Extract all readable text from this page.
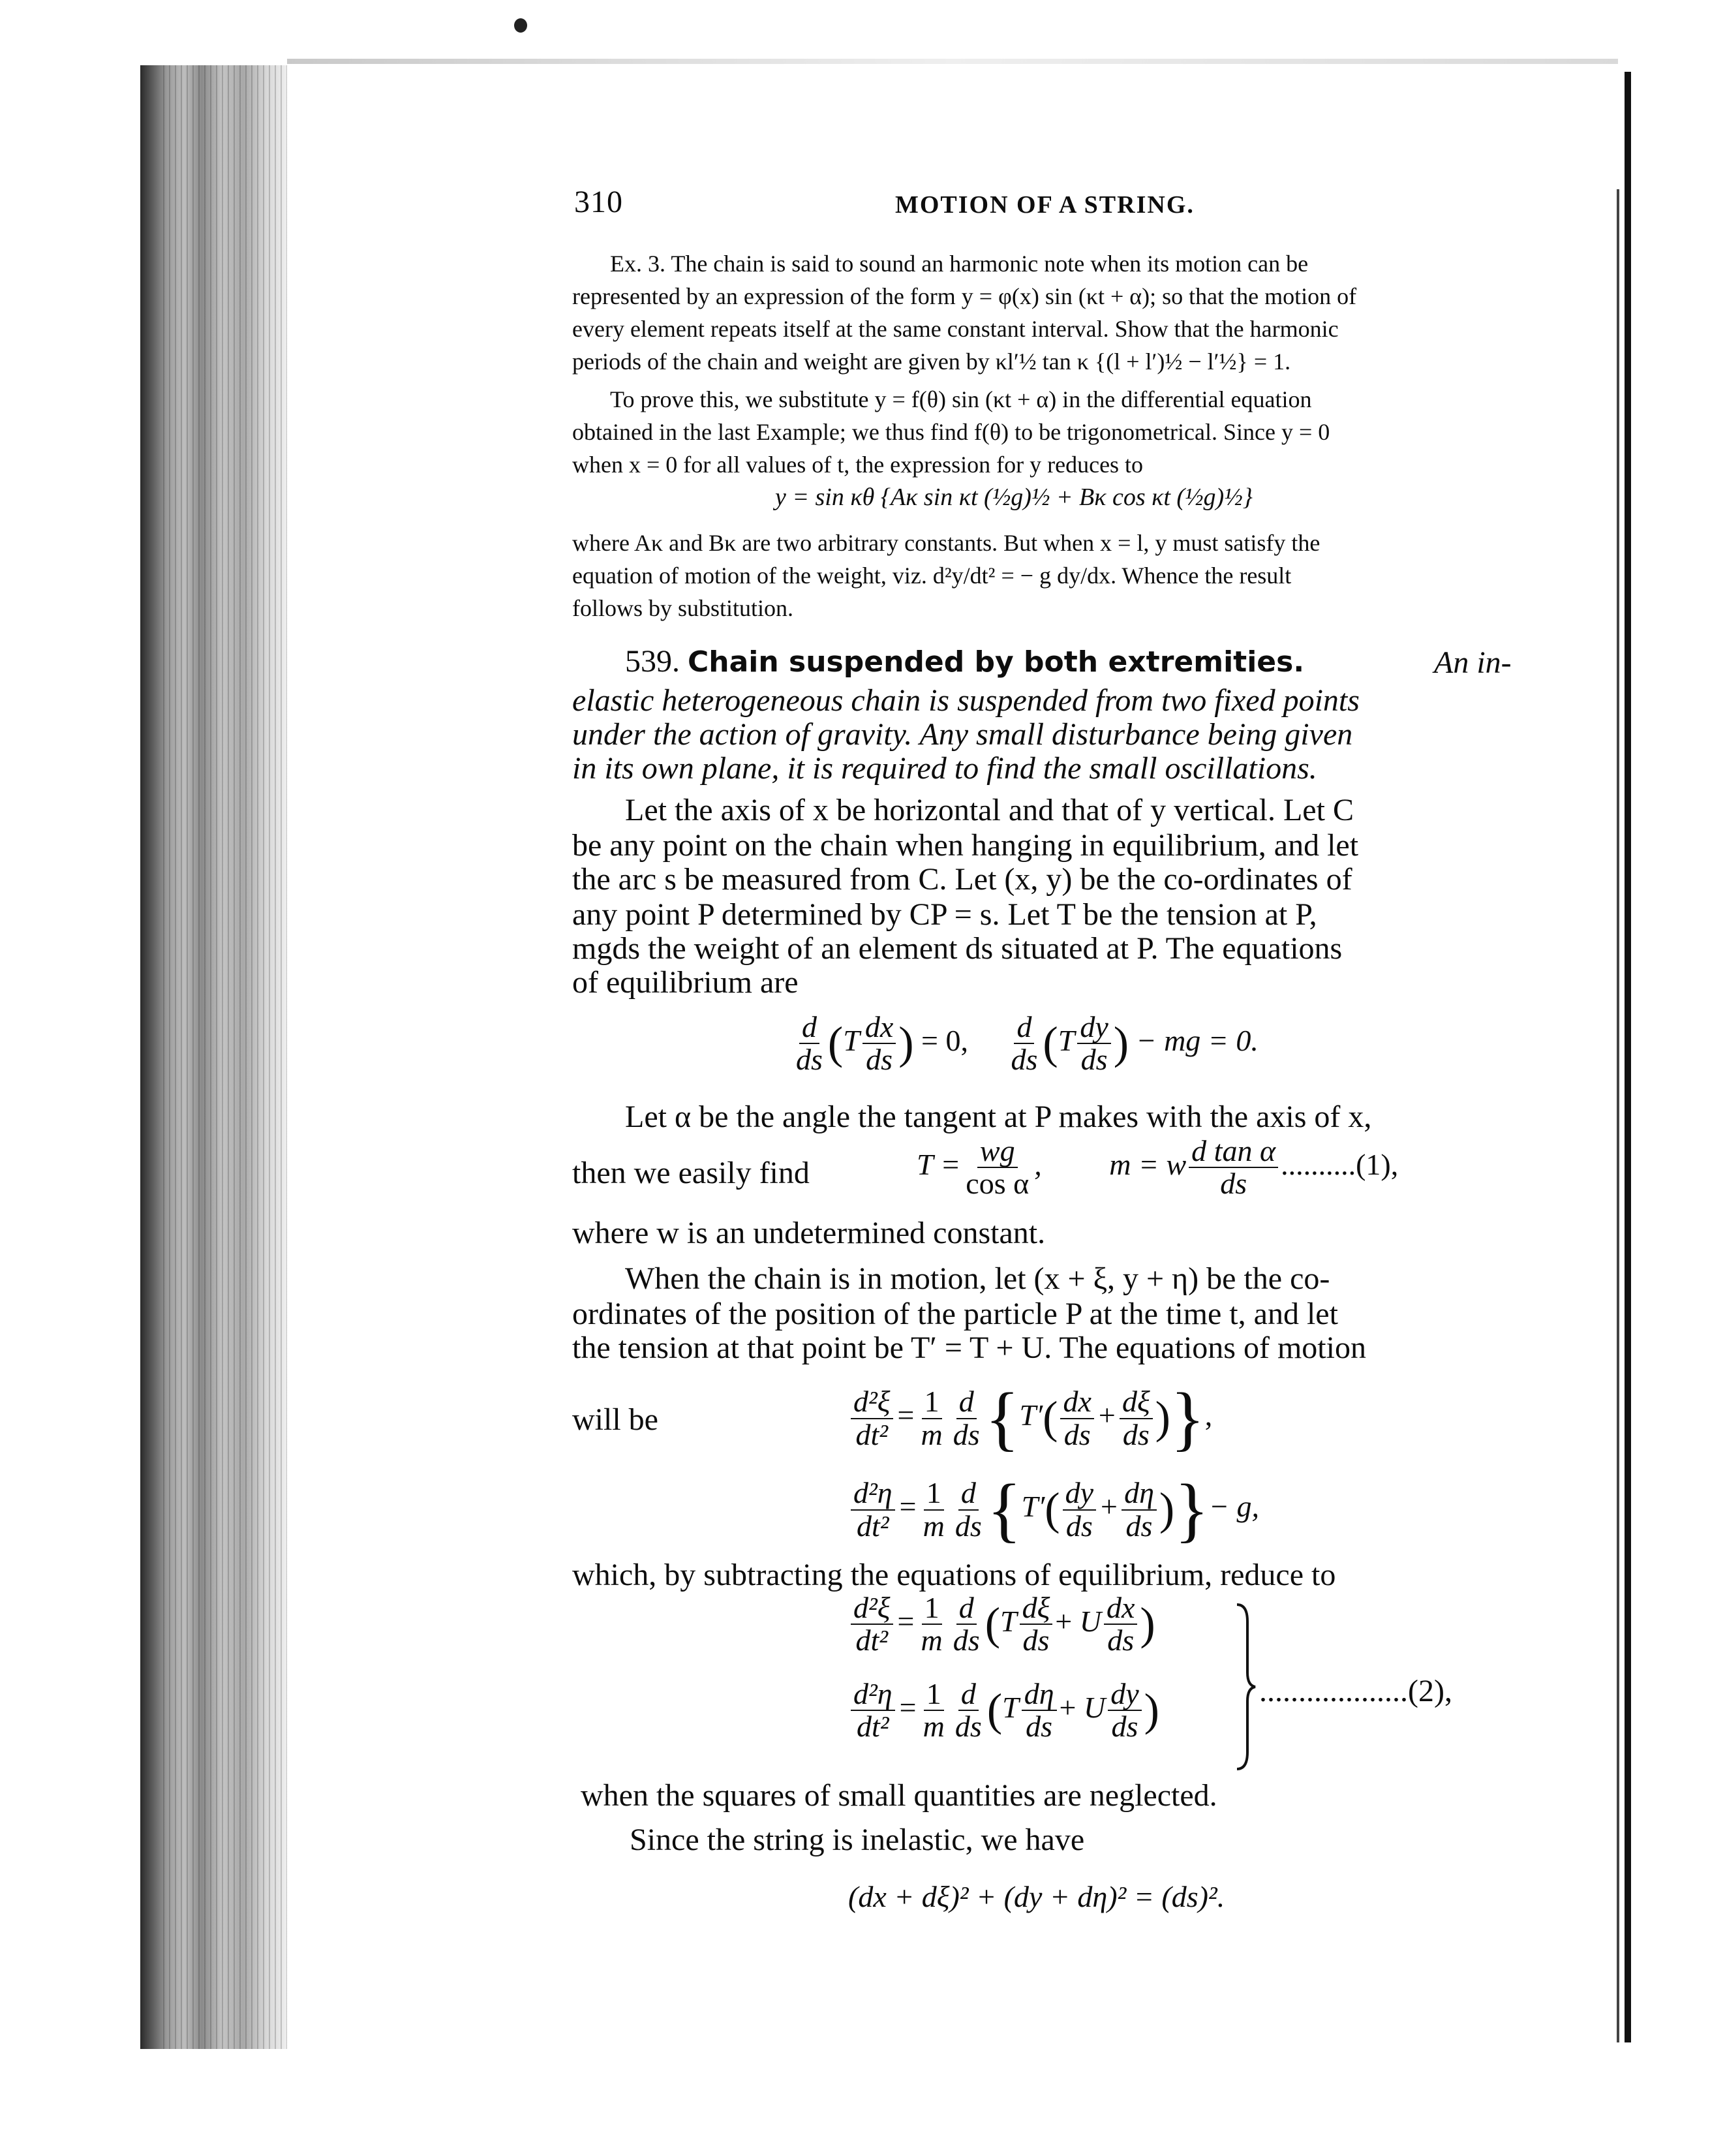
310	MOTION OF A STRING.
Ex. 3. The chain is said to sound an harmonic note when its motion can be
represented by an expression of the form y = φ(x) sin (κt + α); so that the motion of
every element repeats itself at the same constant interval. Show that the harmonic
periods of the chain and weight are given by κl′½ tan κ {(l + l′)½ − l′½} = 1.
To prove this, we substitute y = f(θ) sin (κt + α) in the differential equation
obtained in the last Example; we thus find f(θ) to be trigonometrical. Since y = 0
when x = 0 for all values of t, the expression for y reduces to
y = sin κθ {Aκ sin κt (½g)½ + Bκ cos κt (½g)½}
where Aκ and Bκ are two arbitrary constants. But when x = l, y must satisfy the
equation of motion of the weight, viz. d²y/dt² = − g dy/dx. Whence the result
follows by substitution.
539. Chain suspended by both extremities.	An in-
elastic heterogeneous chain is suspended from two fixed points
under the action of gravity. Any small disturbance being given
in its own plane, it is required to find the small oscillations.
Let the axis of x be horizontal and that of y vertical. Let C
be any point on the chain when hanging in equilibrium, and let
the arc s be measured from C. Let (x, y) be the co-ordinates of
any point P determined by CP = s. Let T be the tension at P,
mgds the weight of an element ds situated at P. The equations
of equilibrium are
$\frac{d}{ds} (T \frac{dx}{ds}$ ) = 0, $\frac{d}{ds} (T \frac{dy}{ds}$ ) − mg = 0.
Let α be the angle the tangent at P makes with the axis of x,
then we easily find	$T = \frac{wg}{\text{cos α}}$ , m = w $\frac{\text{d tan α}}{ds} ..........(1)$,
where w is an undetermined constant.
When the chain is in motion, let (x + ξ, y + η) be the co-
ordinates of the position of the particle P at the time t, and let
the tension at that point be T′ = T + U. The equations of motion
will be	$\frac{\text{d²ξ}}{\text{dt²}} = \frac{1}{m} \frac{d}{ds} \{T'( \frac{dx}{ds} + \frac{d\xi}{ds}$ )},
$\frac{\text{d²η}}{\text{dt²}} = \frac{1}{m} \frac{d}{ds} \{T'( \frac{dy}{ds} + \frac{d\eta}{ds}$ )}− g,
which, by subtracting the equations of equilibrium, reduce to
$\frac{\text{d²ξ}}{\text{dt²}} = \frac{1}{m} \frac{d}{ds} (T \frac{d\xi}{ds} + U \frac{dx}{ds}$ )
$\frac{\text{d²η}}{\text{dt²}} = \frac{1}{m} \frac{d}{ds} (T \frac{d\eta}{ds} + U \frac{dy}{ds}$ )	...................(2),
when the squares of small quantities are neglected.
Since the string is inelastic, we have
(dx + dξ)² + (dy + dη)² = (ds)².
